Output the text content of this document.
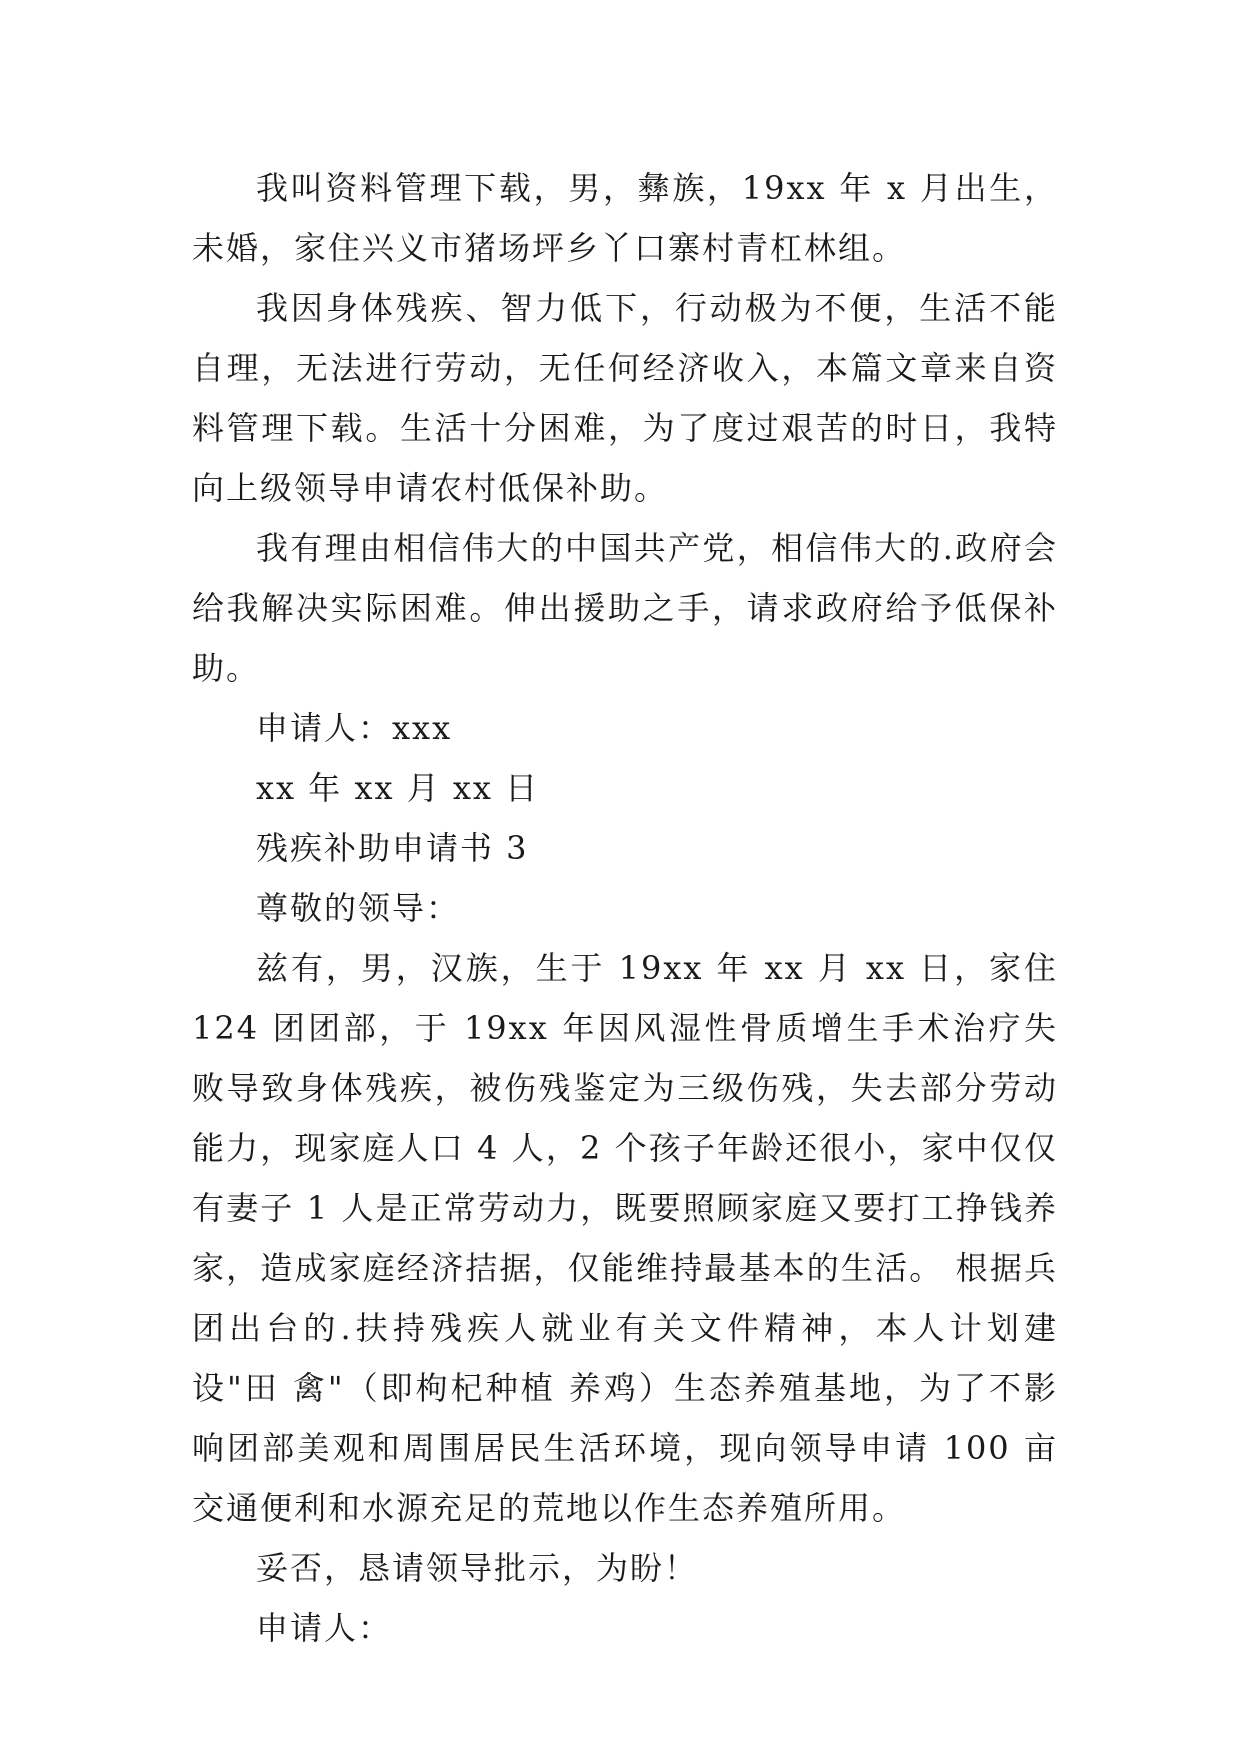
我叫资料管理下载，男，彝族，19xx 年 x 月出生，未婚，家住兴义市猪场坪乡丫口寨村青杠林组。

我因身体残疾、智力低下，行动极为不便，生活不能自理，无法进行劳动，无任何经济收入，本篇文章来自资料管理下载。生活十分困难，为了度过艰苦的时日，我特向上级领导申请农村低保补助。

我有理由相信伟大的中国共产党，相信伟大的.政府会给我解决实际困难。伸出援助之手，请求政府给予低保补助。

申请人：xxx

xx 年 xx 月 xx 日

残疾补助申请书 3

尊敬的领导：

兹有，男，汉族，生于 19xx 年 xx 月 xx 日，家住 124 团团部，于 19xx 年因风湿性骨质增生手术治疗失败导致身体残疾，被伤残鉴定为三级伤残，失去部分劳动能力，现家庭人口 4 人，2 个孩子年龄还很小，家中仅仅有妻子 1 人是正常劳动力，既要照顾家庭又要打工挣钱养家，造成家庭经济拮据，仅能维持最基本的生活。 根据兵团出台的.扶持残疾人就业有关文件精神，本人计划建设"田 禽"（即枸杞种植 养鸡）生态养殖基地，为了不影响团部美观和周围居民生活环境，现向领导申请 100 亩交通便利和水源充足的荒地以作生态养殖所用。

妥否，恳请领导批示，为盼！

申请人：
